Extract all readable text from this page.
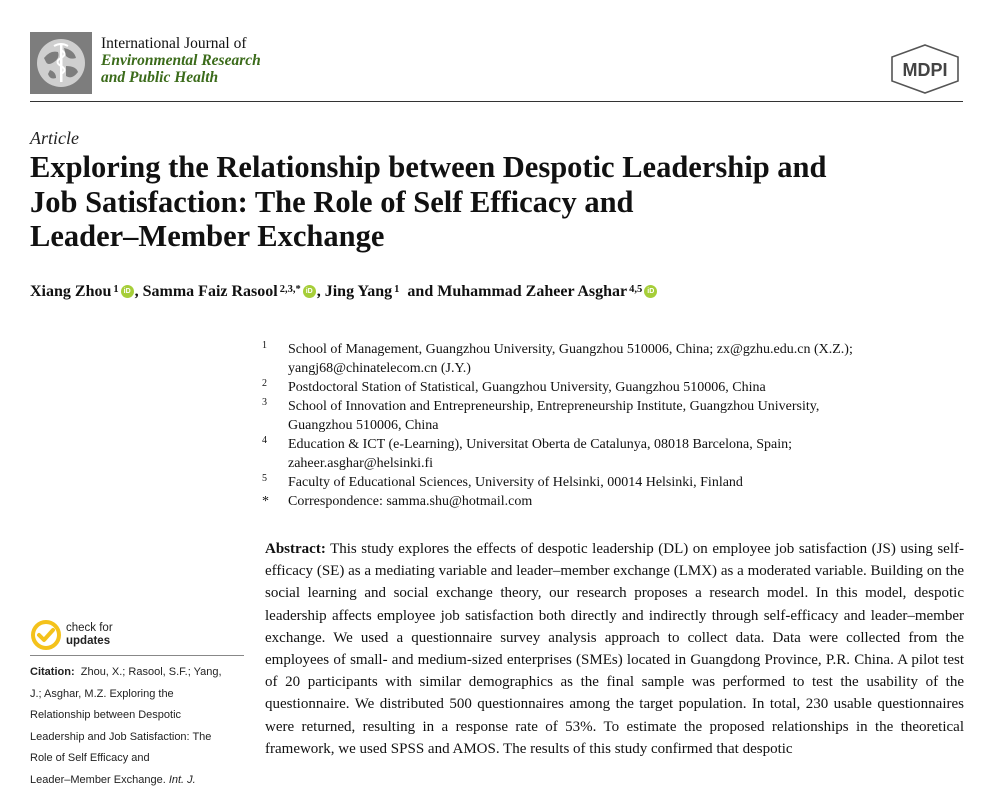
International Journal of
Environmental Research
and Public Health	MDPI
Article
Exploring the Relationship between Despotic Leadership and
Job Satisfaction: The Role of Self Efficacy and
Leader–Member Exchange
Xiang Zhou$^1$ iD ,
Samma Faiz Rasool$^{2,3,*}$ iD ,
Jing Yang$^1$
and Muhammad Zaheer Asghar$^{4,5}$ iD
1	School of Management, Guangzhou University, Guangzhou 510006, China; zx@gzhu.edu.cn (X.Z.);
yangj68@chinatelecom.cn (J.Y.)
2	Postdoctoral Station of Statistical, Guangzhou University, Guangzhou 510006, China
3	School of Innovation and Entrepreneurship, Entrepreneurship Institute, Guangzhou University,
Guangzhou 510006, China
4	Education & ICT (e-Learning), Universitat Oberta de Catalunya, 08018 Barcelona, Spain;
zaheer.asghar@helsinki.fi
5	Faculty of Educational Sciences, University of Helsinki, 00014 Helsinki, Finland
*	Correspondence: samma.shu@hotmail.com
check for
updates
Citation: Zhou, X.; Rasool, S.F.; Yang,
J.; Asghar, M.Z. Exploring the
Relationship between Despotic
Leadership and Job Satisfaction: The
Role of Self Efficacy and
Leader–Member Exchange. Int. J.
Abstract: This study explores the effects of despotic leadership (DL) on employee job satisfaction (JS) using self-efficacy (SE) as a mediating variable and leader–member exchange (LMX) as a moderated variable. Building on the social learning and social exchange theory, our research proposes a research model. In this model, despotic leadership affects employee job satisfaction both directly and indirectly through self-efficacy and leader–member exchange. We used a questionnaire survey analysis approach to collect data. Data were collected from the employees of small- and medium-sized enterprises (SMEs) located in Guangdong Province, P.R. China. A pilot test of 20 participants with similar demographics as the final sample was performed to test the usability of the questionnaire. We distributed 500 questionnaires among the target population. In total, 230 usable questionnaires were returned, resulting in a response rate of 53%. To estimate the proposed relationships in the theoretical framework, we used SPSS and AMOS. The results of this study confirmed that despotic
